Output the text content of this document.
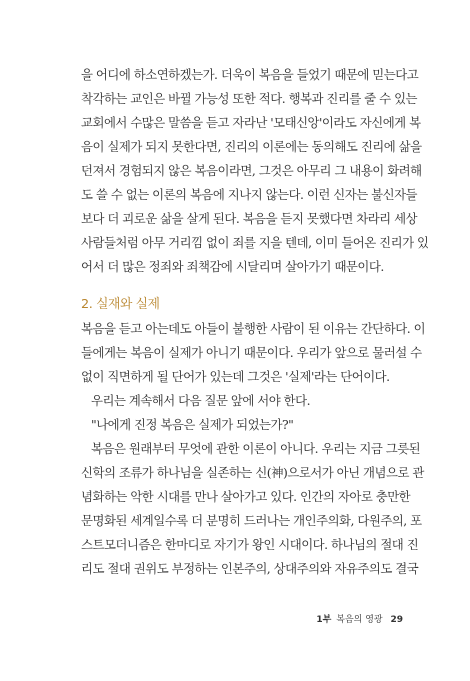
을 어디에 하소연하겠는가. 더욱이 복음을 들었기 때문에 믿는다고
착각하는 교인은 바뀔 가능성 또한 적다. 행복과 진리를 줄 수 있는
교회에서 수많은 말씀을 듣고 자라난 '모태신앙'이라도 자신에게 복
음이 실제가 되지 못한다면, 진리의 이론에는 동의해도 진리에 삶을
던져서 경험되지 않은 복음이라면, 그것은 아무리 그 내용이 화려해
도 쓸 수 없는 이론의 복음에 지나지 않는다. 이런 신자는 불신자들
보다 더 괴로운 삶을 살게 된다. 복음을 듣지 못했다면 차라리 세상
사람들처럼 아무 거리낌 없이 죄를 지을 텐데, 이미 들어온 진리가 있
어서 더 많은 정죄와 죄책감에 시달리며 살아가기 때문이다.
2. 실재와 실제
복음을 듣고 아는데도 아들이 불행한 사람이 된 이유는 간단하다. 이
들에게는 복음이 실제가 아니기 때문이다. 우리가 앞으로 물러설 수
없이 직면하게 될 단어가 있는데 그것은 '실제'라는 단어이다.
우리는 계속해서 다음 질문 앞에 서야 한다.
"나에게 진정 복음은 실제가 되었는가?"
복음은 원래부터 무엇에 관한 이론이 아니다. 우리는 지금 그릇된
신학의 조류가 하나님을 실존하는 신(神)으로서가 아닌 개념으로 관
념화하는 악한 시대를 만나 살아가고 있다. 인간의 자아로 충만한
문명화된 세계일수록 더 분명히 드러나는 개인주의화, 다원주의, 포
스트모더니즘은 한마디로 자기가 왕인 시대이다. 하나님의 절대 진
리도 절대 권위도 부정하는 인본주의, 상대주의와 자유주의도 결국
1부 복음의 영광 29
